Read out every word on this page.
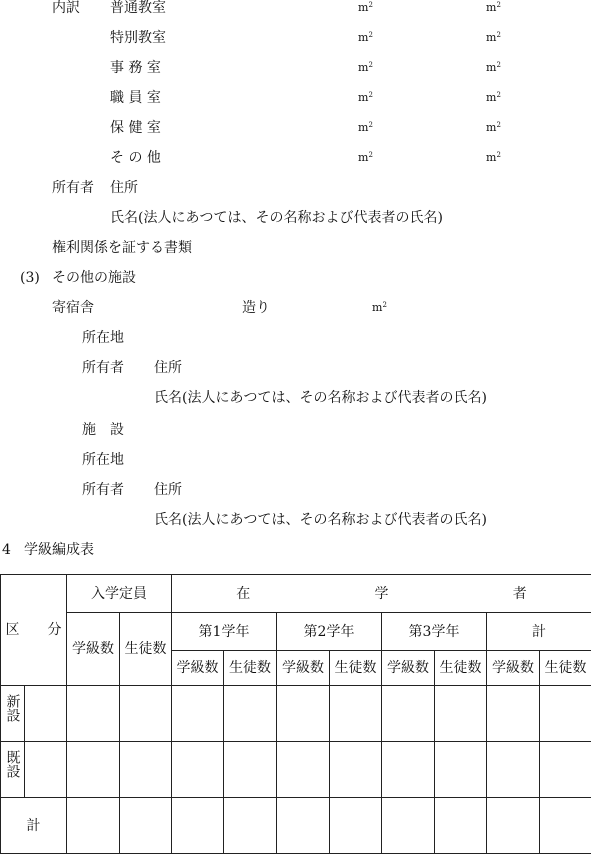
内訳 普通教室	$m^2$	$m^2$
特別教室	$m^2$	$m^2$
事 務 室	$m^2$	$m^2$
職 員 室	$m^2$	$m^2$
保 健 室	$m^2$	$m^2$
そ の 他	$m^2$	$m^2$
所有者 住所
氏名(法人にあつては、その名称および代表者の氏名)
権利関係を証する書類
(3) その他の施設
寄宿舎	造り	$m^2$
所在地
所有者 住所
氏名(法人にあつては、その名称および代表者の氏名)
施　設
所在地
所有者 住所
氏名(法人にあつては、その名称および代表者の氏名)
4 学級編成表
区　　分		入学定員		在 学 者							
		学級数	生徒数	第1学年		第2学年		第3学年		計	
				学級数	生徒数	学級数	生徒数	学級数	生徒数	学級数	生徒数

新設											

既設											

計											
